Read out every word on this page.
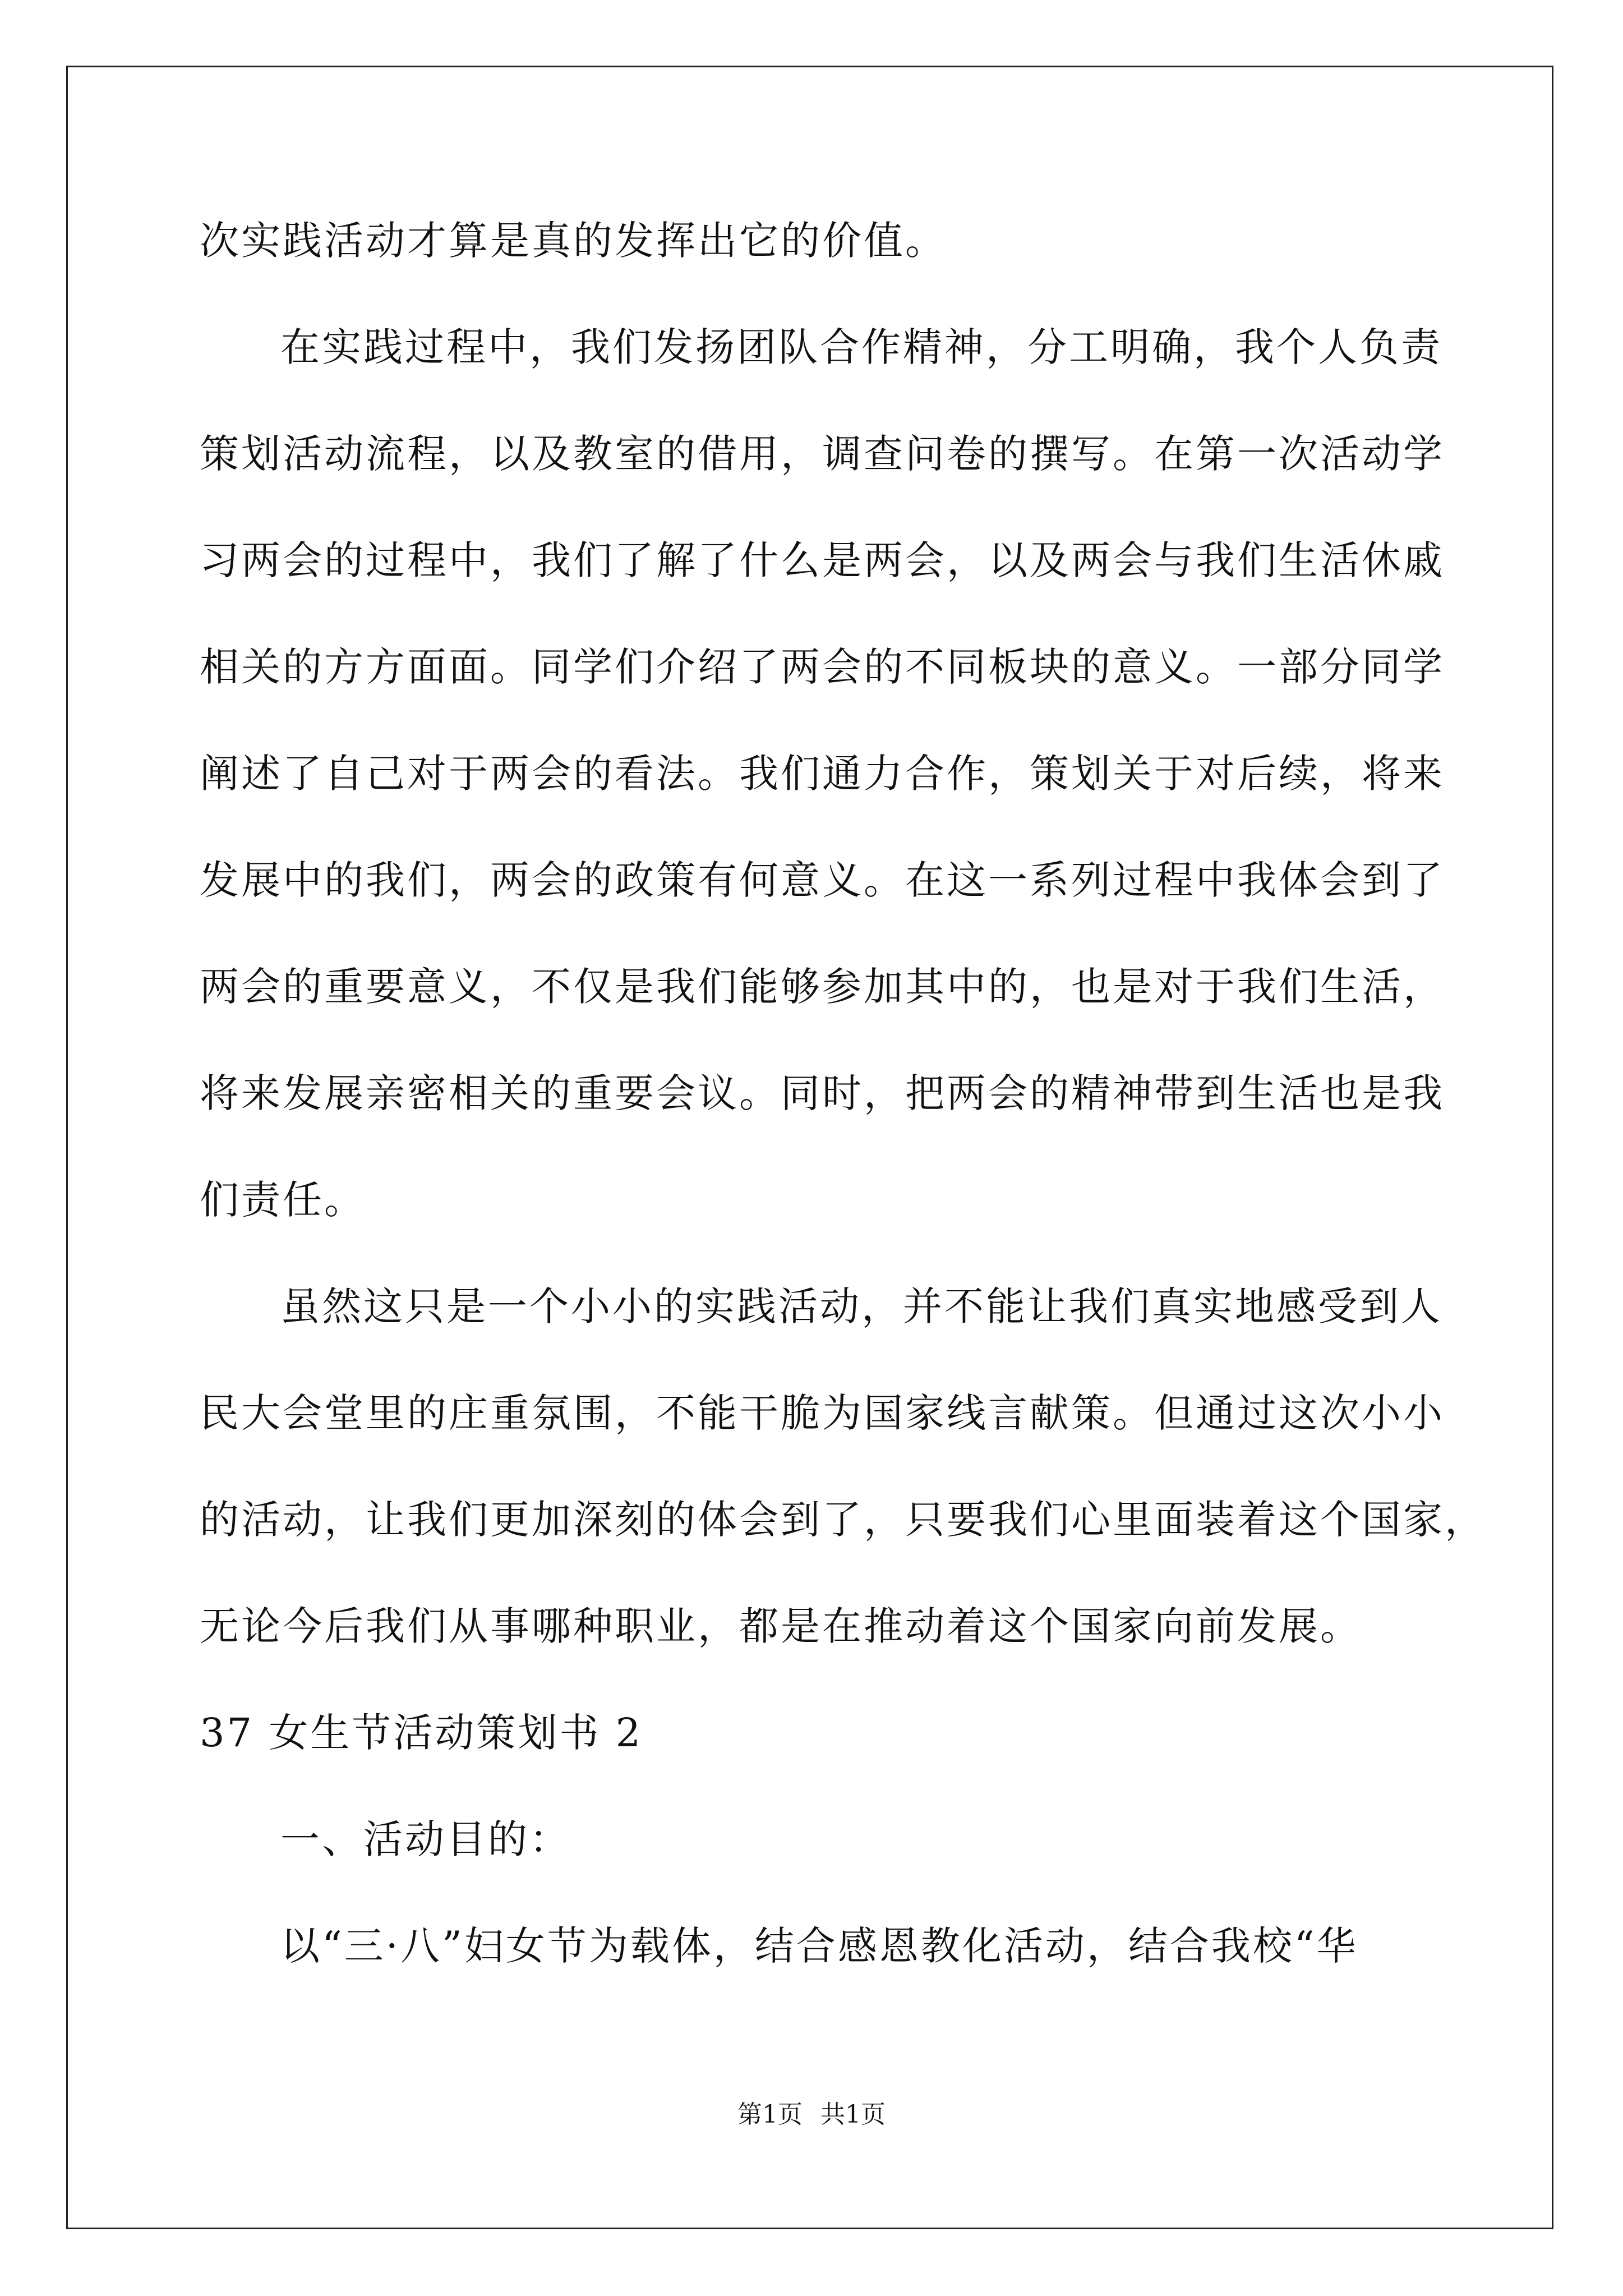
次实践活动才算是真的发挥出它的价值。
在实践过程中，我们发扬团队合作精神，分工明确，我个人负责
策划活动流程，以及教室的借用，调查问卷的撰写。在第一次活动学
习两会的过程中，我们了解了什么是两会，以及两会与我们生活休戚
相关的方方面面。同学们介绍了两会的不同板块的意义。一部分同学
阐述了自己对于两会的看法。我们通力合作，策划关于对后续，将来
发展中的我们，两会的政策有何意义。在这一系列过程中我体会到了
两会的重要意义，不仅是我们能够参加其中的，也是对于我们生活，
将来发展亲密相关的重要会议。同时，把两会的精神带到生活也是我
们责任。
虽然这只是一个小小的实践活动，并不能让我们真实地感受到人
民大会堂里的庄重氛围，不能干脆为国家线言献策。但通过这次小小
的活动，让我们更加深刻的体会到了，只要我们心里面装着这个国家，
无论今后我们从事哪种职业，都是在推动着这个国家向前发展。
37 女生节活动策划书 2
一、活动目的：
以“三·八”妇女节为载体，结合感恩教化活动，结合我校“华
第1页 共1页
